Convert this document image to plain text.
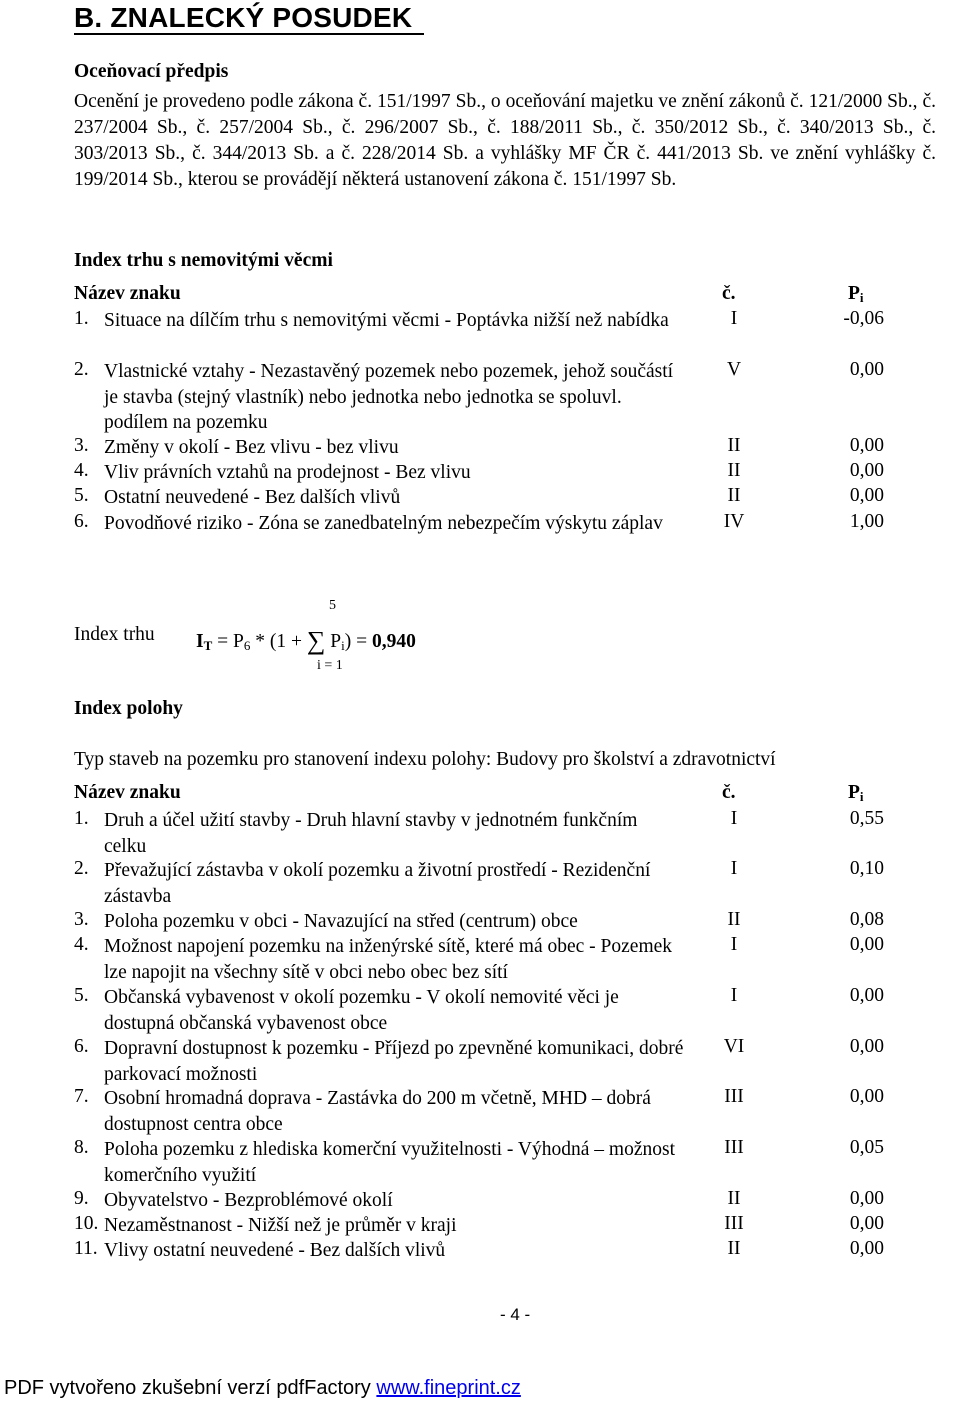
B. ZNALECKÝ POSUDEK
Oceňovací předpis
Ocenění je provedeno podle zákona č. 151/1997 Sb., o oceňování majetku ve znění zákonů č. 121/2000 Sb., č. 237/2004 Sb., č. 257/2004 Sb., č. 296/2007 Sb., č. 188/2011 Sb., č. 350/2012 Sb., č. 340/2013 Sb., č. 303/2013 Sb., č. 344/2013 Sb. a č. 228/2014 Sb. a vyhlášky MF ČR č. 441/2013 Sb. ve znění vyhlášky č. 199/2014 Sb., kterou se provádějí některá ustanovení zákona č. 151/1997 Sb.
Index trhu s nemovitými věcmi
Název znaku	č.	$P_i$
1. Situace na dílčím trhu s nemovitými věcmi - Poptávka nižší než nabídka	I	-0,06
2. Vlastnické vztahy - Nezastavěný pozemek nebo pozemek, jehož součástí je stavba (stejný vlastník) nebo jednotka nebo jednotka se spoluvl. podílem na pozemku
V	0,00
3. Změny v okolí - Bez vlivu - bez vlivu	II	0,00
4. Vliv právních vztahů na prodejnost - Bez vlivu	II	0,00
5. Ostatní neuvedené - Bez dalších vlivů	II	0,00
6. Povodňové riziko - Zóna se zanedbatelným nebezpečím výskytu záplav	IV	1,00
Index trhu $I_T = P_6 * (1$ + ∑ $P_i) = 0,940$
5
i = 1
Index polohy
Typ staveb na pozemku pro stanovení indexu polohy: Budovy pro školství a zdravotnictví
Název znaku	č.	$P_i$
1. Druh a účel užití stavby - Druh hlavní stavby v jednotném funkčním celku
I	0,55
2. Převažující zástavba v okolí pozemku a životní prostředí - Rezidenční zástavba
I	0,10
3. Poloha pozemku v obci - Navazující na střed (centrum) obce	II	0,08
4. Možnost napojení pozemku na inženýrské sítě, které má obec - Pozemek lze napojit na všechny sítě v obci nebo obec bez sítí
I	0,00
5. Občanská vybavenost v okolí pozemku - V okolí nemovité věci je dostupná občanská vybavenost obce
I	0,00
6. Dopravní dostupnost k pozemku - Příjezd po zpevněné komunikaci, dobré parkovací možnosti
VI	0,00
7. Osobní hromadná doprava - Zastávka do 200 m včetně, MHD – dobrá dostupnost centra obce
III	0,00
8. Poloha pozemku z hlediska komerční využitelnosti - Výhodná – možnost komerčního využití
III	0,05
9. Obyvatelstvo - Bezproblémové okolí	II	0,00
10. Nezaměstnanost - Nižší než je průměr v kraji	III	0,00
11. Vlivy ostatní neuvedené - Bez dalších vlivů	II	0,00
- 4 -
PDF vytvořeno zkušební verzí pdfFactory www.fineprint.cz
